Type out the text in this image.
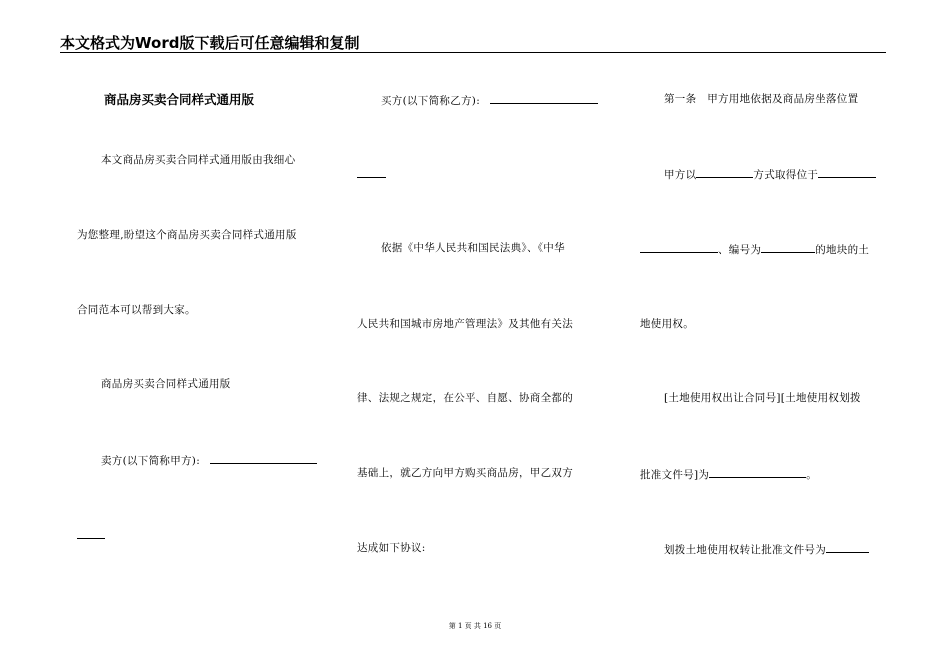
本文格式为Word版下载后可任意编辑和复制
商品房买卖合同样式通用版
本文商品房买卖合同样式通用版由我细心
为您整理,盼望这个商品房买卖合同样式通用版
合同范本可以帮到大家。
商品房买卖合同样式通用版
卖方(以下简称甲方):
买方(以下简称乙方):
依据《中华人民共和国民法典》、《中华
人民共和国城市房地产管理法》及其他有关法
律、法规之规定，在公平、自愿、协商全都的
基础上，就乙方向甲方购买商品房，甲乙双方
达成如下协议:
第一条　甲方用地依据及商品房坐落位置
甲方以	方式取得位于
、编号为	的地块的土
地使用权。
[土地使用权出让合同号][土地使用权划拨
批准文件号]为	。
划拨土地使用权转让批准文件号为
第 1 页 共 16 页
